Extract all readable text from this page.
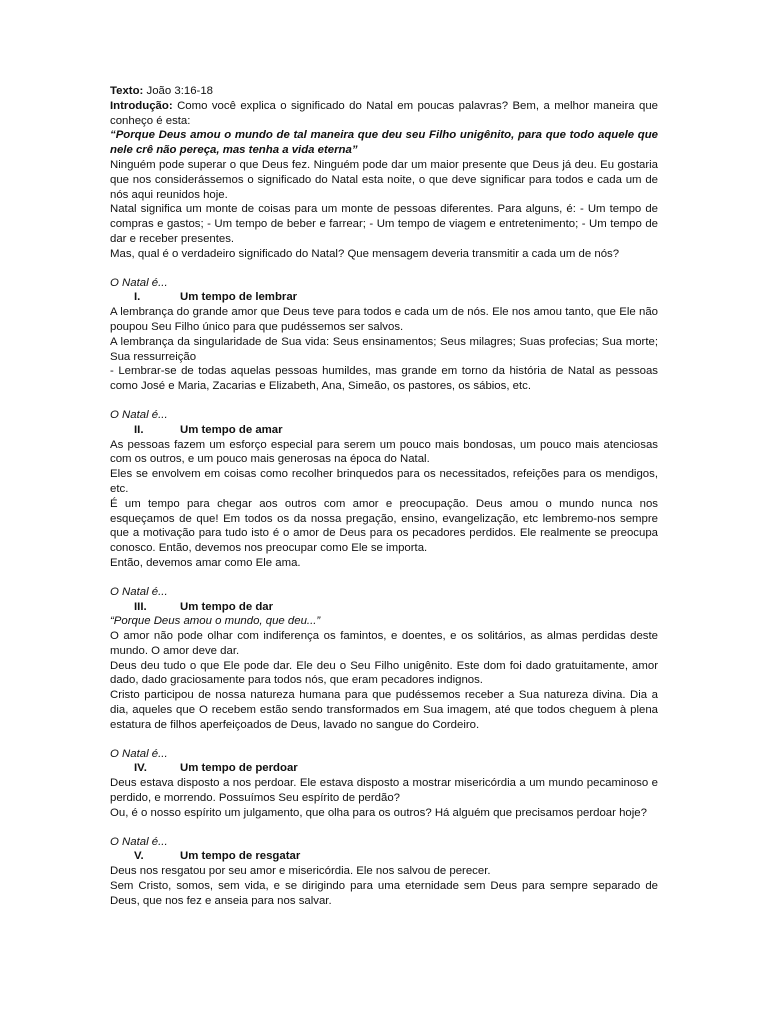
Texto: João 3:16-18

Introdução: Como você explica o significado do Natal em poucas palavras? Bem, a melhor maneira que conheço é esta:

“Porque Deus amou o mundo de tal maneira que deu seu Filho unigênito, para que todo aquele que nele crê não pereça, mas tenha a vida eterna”

Ninguém pode superar o que Deus fez. Ninguém pode dar um maior presente que Deus já deu. Eu gostaria que nos considerássemos o significado do Natal esta noite, o que deve significar para todos e cada um de nós aqui reunidos hoje.

Natal significa um monte de coisas para um monte de pessoas diferentes. Para alguns, é: - Um tempo de compras e gastos; - Um tempo de beber e farrear; - Um tempo de viagem e entretenimento; - Um tempo de dar e receber presentes.

Mas, qual é o verdadeiro significado do Natal? Que mensagem deveria transmitir a cada um de nós?

O Natal é...

I.	Um tempo de lembrar

A lembrança do grande amor que Deus teve para todos e cada um de nós. Ele nos amou tanto, que Ele não poupou Seu Filho único para que pudéssemos ser salvos.

A lembrança da singularidade de Sua vida: Seus ensinamentos; Seus milagres; Suas profecias; Sua morte; Sua ressurreição

- Lembrar-se de todas aquelas pessoas humildes, mas grande em torno da história de Natal as pessoas como José e Maria, Zacarias e Elizabeth, Ana, Simeão, os pastores, os sábios, etc.

O Natal é...

II.	Um tempo de amar

As pessoas fazem um esforço especial para serem um pouco mais bondosas, um pouco mais atenciosas com os outros, e um pouco mais generosas na época do Natal.

Eles se envolvem em coisas como recolher brinquedos para os necessitados, refeições para os mendigos, etc.

É um tempo para chegar aos outros com amor e preocupação. Deus amou o mundo nunca nos esqueçamos de que! Em todos os da nossa pregação, ensino, evangelização, etc lembremo-nos sempre que a motivação para tudo isto é o amor de Deus para os pecadores perdidos. Ele realmente se preocupa conosco. Então, devemos nos preocupar como Ele se importa.

Então, devemos amar como Ele ama.

O Natal é...

III.	Um tempo de dar

“Porque Deus amou o mundo, que deu...”

O amor não pode olhar com indiferença os famintos, e doentes, e os solitários, as almas perdidas deste mundo. O amor deve dar.

Deus deu tudo o que Ele pode dar. Ele deu o Seu Filho unigênito. Este dom foi dado gratuitamente, amor dado, dado graciosamente para todos nós, que eram pecadores indignos.

Cristo participou de nossa natureza humana para que pudéssemos receber a Sua natureza divina. Dia a dia, aqueles que O recebem estão sendo transformados em Sua imagem, até que todos cheguem à plena estatura de filhos aperfeiçoados de Deus, lavado no sangue do Cordeiro.

O Natal é...

IV.	Um tempo de perdoar

Deus estava disposto a nos perdoar. Ele estava disposto a mostrar misericórdia a um mundo pecaminoso e perdido, e morrendo. Possuímos Seu espírito de perdão?

Ou, é o nosso espírito um julgamento, que olha para os outros? Há alguém que precisamos perdoar hoje?

O Natal é...

V.	Um tempo de resgatar

Deus nos resgatou por seu amor e misericórdia. Ele nos salvou de perecer.

Sem Cristo, somos, sem vida, e se dirigindo para uma eternidade sem Deus para sempre separado de Deus, que nos fez e anseia para nos salvar.
